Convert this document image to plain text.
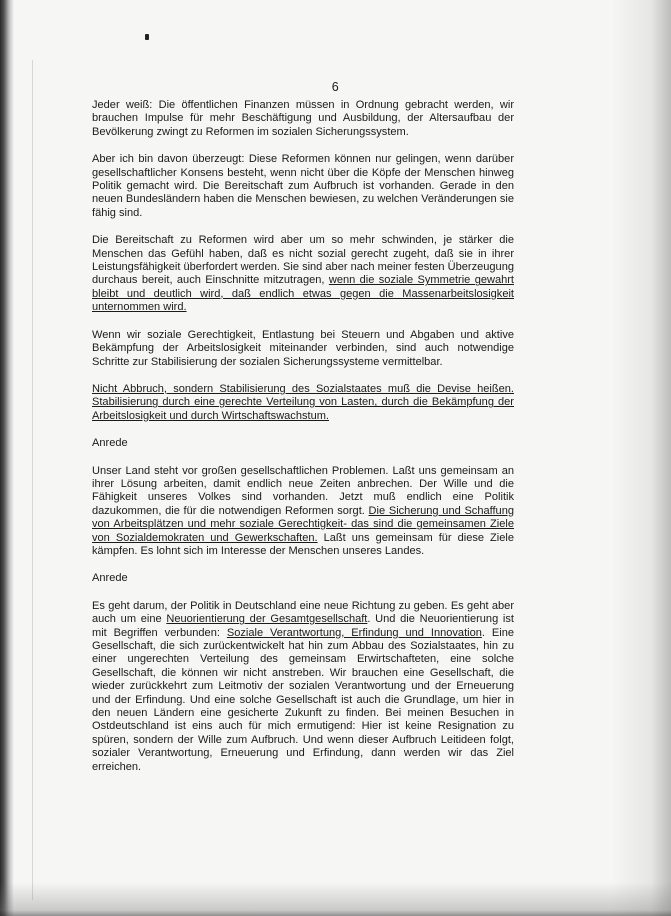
6

Jeder weiß: Die öffentlichen Finanzen müssen in Ordnung gebracht werden, wir brauchen Impulse für mehr Beschäftigung und Ausbildung, der Altersaufbau der Bevölkerung zwingt zu Reformen im sozialen Sicherungssystem.

Aber ich bin davon überzeugt: Diese Reformen können nur gelingen, wenn darüber gesellschaftlicher Konsens besteht, wenn nicht über die Köpfe der Menschen hinweg Politik gemacht wird. Die Bereitschaft zum Aufbruch ist vorhanden. Gerade in den neuen Bundesländern haben die Menschen bewiesen, zu welchen Veränderungen sie fähig sind.

Die Bereitschaft zu Reformen wird aber um so mehr schwinden, je stärker die Menschen das Gefühl haben, daß es nicht sozial gerecht zugeht, daß sie in ihrer Leistungsfähigkeit überfordert werden. Sie sind aber nach meiner festen Überzeugung durchaus bereit, auch Einschnitte mitzutragen, wenn die soziale Symmetrie gewahrt bleibt und deutlich wird, daß endlich etwas gegen die Massenarbeitslosigkeit unternommen wird.

Wenn wir soziale Gerechtigkeit, Entlastung bei Steuern und Abgaben und aktive Bekämpfung der Arbeitslosigkeit miteinander verbinden, sind auch notwendige Schritte zur Stabilisierung der sozialen Sicherungssysteme vermittelbar.

Nicht Abbruch, sondern Stabilisierung des Sozialstaates muß die Devise heißen. Stabilisierung durch eine gerechte Verteilung von Lasten, durch die Bekämpfung der Arbeitslosigkeit und durch Wirtschaftswachstum.

Anrede

Unser Land steht vor großen gesellschaftlichen Problemen. Laßt uns gemeinsam an ihrer Lösung arbeiten, damit endlich neue Zeiten anbrechen. Der Wille und die Fähigkeit unseres Volkes sind vorhanden. Jetzt muß endlich eine Politik dazukommen, die für die notwendigen Reformen sorgt. Die Sicherung und Schaffung von Arbeitsplätzen und mehr soziale Gerechtigkeit- das sind die gemeinsamen Ziele von Sozialdemokraten und Gewerkschaften. Laßt uns gemeinsam für diese Ziele kämpfen. Es lohnt sich im Interesse der Menschen unseres Landes.

Anrede

Es geht darum, der Politik in Deutschland eine neue Richtung zu geben. Es geht aber auch um eine Neuorientierung der Gesamtgesellschaft. Und die Neuorientierung ist mit Begriffen verbunden: Soziale Verantwortung, Erfindung und Innovation. Eine Gesellschaft, die sich zurückentwickelt hat hin zum Abbau des Sozialstaates, hin zu einer ungerechten Verteilung des gemeinsam Erwirtschafteten, eine solche Gesellschaft, die können wir nicht anstreben. Wir brauchen eine Gesellschaft, die wieder zurückkehrt zum Leitmotiv der sozialen Verantwortung und der Erneuerung und der Erfindung. Und eine solche Gesellschaft ist auch die Grundlage, um hier in den neuen Ländern eine gesicherte Zukunft zu finden. Bei meinen Besuchen in Ostdeutschland ist eins auch für mich ermutigend: Hier ist keine Resignation zu spüren, sondern der Wille zum Aufbruch. Und wenn dieser Aufbruch Leitideen folgt, sozialer Verantwortung, Erneuerung und Erfindung, dann werden wir das Ziel erreichen.
